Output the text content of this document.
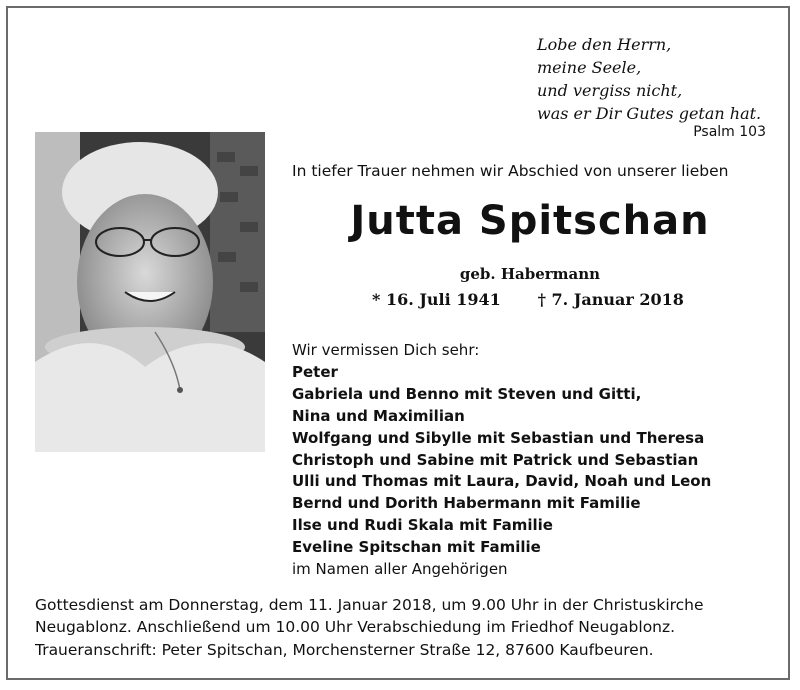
Lobe den Herrn,
meine Seele,
und vergiss nicht,
was er Dir Gutes getan hat.
Psalm 103
In tiefer Trauer nehmen wir Abschied von unserer lieben
Jutta Spitschan
geb. Habermann
* 16. Juli 1941 † 7. Januar 2018
Wir vermissen Dich sehr:
Peter
Gabriela und Benno mit Steven und Gitti,
Nina und Maximilian
Wolfgang und Sibylle mit Sebastian und Theresa
Christoph und Sabine mit Patrick und Sebastian
Ulli und Thomas mit Laura, David, Noah und Leon
Bernd und Dorith Habermann mit Familie
Ilse und Rudi Skala mit Familie
Eveline Spitschan mit Familie
im Namen aller Angehörigen
Gottesdienst am Donnerstag, dem 11. Januar 2018, um 9.00 Uhr in der Christuskirche
Neugablonz. Anschließend um 10.00 Uhr Verabschiedung im Friedhof Neugablonz.
Traueranschrift: Peter Spitschan, Morchensterner Straße 12, 87600 Kaufbeuren.
